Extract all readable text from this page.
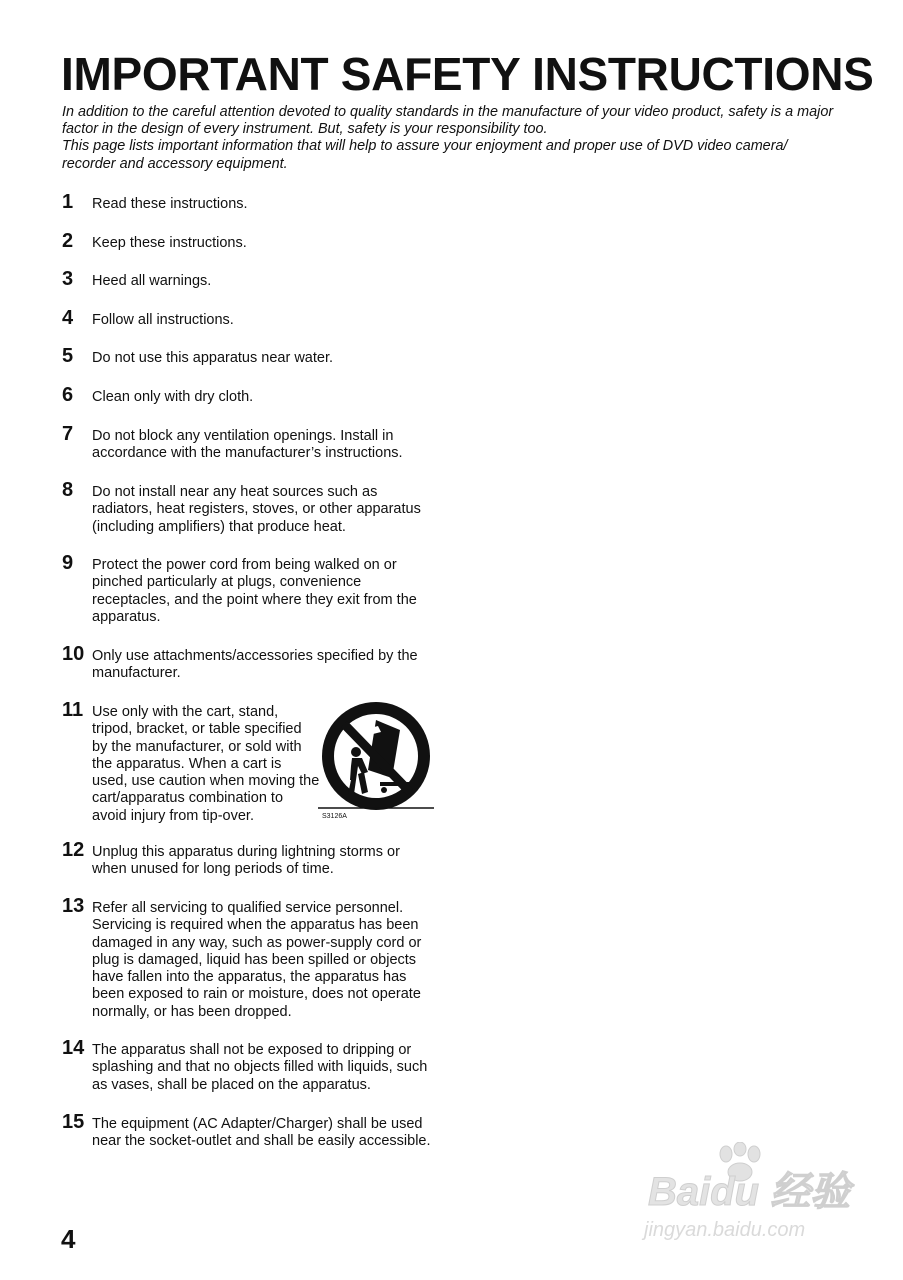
IMPORTANT SAFETY INSTRUCTIONS

In addition to the careful attention devoted to quality standards in the manufacture of your video product, safety is a major factor in the design of every instrument. But, safety is your responsibility too.

This page lists important information that will help to assure your enjoyment and proper use of DVD video camera/ recorder and accessory equipment.

1 Read these instructions.

2 Keep these instructions.

3 Heed all warnings.

4 Follow all instructions.

5 Do not use this apparatus near water.

6 Clean only with dry cloth.

7 Do not block any ventilation openings. Install in accordance with the manufacturer’s instructions.

8 Do not install near any heat sources such as radiators, heat registers, stoves, or other apparatus (including amplifiers) that produce heat.

9 Protect the power cord from being walked on or pinched particularly at plugs, convenience receptacles, and the point where they exit from the apparatus.

10 Only use attachments/accessories specified by the manufacturer.

11 Use only with the cart, stand, tripod, bracket, or table specified by the manufacturer, or sold with the apparatus. When a cart is used, use caution when moving the cart/apparatus combination to avoid injury from tip-over.	S3126A
12 Unplug this apparatus during lightning storms or when unused for long periods of time.

13 Refer all servicing to qualified service personnel. Servicing is required when the apparatus has been damaged in any way, such as power-supply cord or plug is damaged, liquid has been spilled or objects have fallen into the apparatus, the apparatus has been exposed to rain or moisture, does not operate normally, or has been dropped.

14 The apparatus shall not be exposed to dripping or splashing and that no objects filled with liquids, such as vases, shall be placed on the apparatus.

15 The equipment (AC Adapter/Charger) shall be used near the socket-outlet and shall be easily accessible.

4
Baidu 经验
jingyan.baidu.com
